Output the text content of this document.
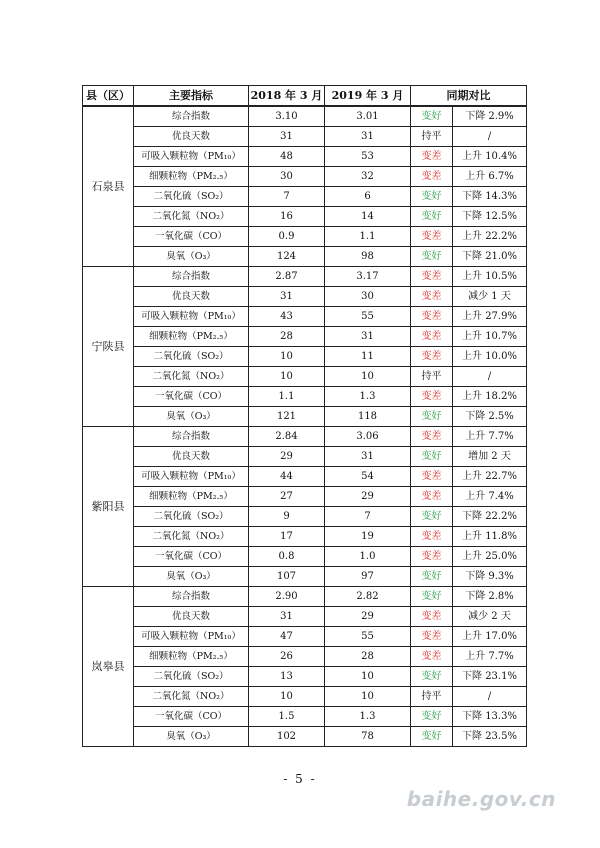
县（区）	主要指标	2018 年 3 月	2019 年 3 月	同期对比	
石泉县	综合指数	3.10	3.01	变好	下降 2.9%
	优良天数	31	31	持平	/
	可吸入颗粒物（PM₁₀）	48	53	变差	上升 10.4%
	细颗粒物（PM₂.₅）	30	32	变差	上升 6.7%
	二氧化硫（SO₂）	7	6	变好	下降 14.3%
	二氧化氮（NO₂）	16	14	变好	下降 12.5%
	一氧化碳（CO）	0.9	1.1	变差	上升 22.2%
	臭氧（O₃）	124	98	变好	下降 21.0%
宁陕县	综合指数	2.87	3.17	变差	上升 10.5%
	优良天数	31	30	变差	减少 1 天
	可吸入颗粒物（PM₁₀）	43	55	变差	上升 27.9%
	细颗粒物（PM₂.₅）	28	31	变差	上升 10.7%
	二氧化硫（SO₂）	10	11	变差	上升 10.0%
	二氧化氮（NO₂）	10	10	持平	/
	一氧化碳（CO）	1.1	1.3	变差	上升 18.2%
	臭氧（O₃）	121	118	变好	下降 2.5%
紫阳县	综合指数	2.84	3.06	变差	上升 7.7%
	优良天数	29	31	变好	增加 2 天
	可吸入颗粒物（PM₁₀）	44	54	变差	上升 22.7%
	细颗粒物（PM₂.₅）	27	29	变差	上升 7.4%
	二氧化硫（SO₂）	9	7	变好	下降 22.2%
	二氧化氮（NO₂）	17	19	变差	上升 11.8%
	一氧化碳（CO）	0.8	1.0	变差	上升 25.0%
	臭氧（O₃）	107	97	变好	下降 9.3%
岚皋县	综合指数	2.90	2.82	变好	下降 2.8%
	优良天数	31	29	变差	减少 2 天
	可吸入颗粒物（PM₁₀）	47	55	变差	上升 17.0%
	细颗粒物（PM₂.₅）	26	28	变差	上升 7.7%
	二氧化硫（SO₂）	13	10	变好	下降 23.1%
	二氧化氮（NO₂）	10	10	持平	/
	一氧化碳（CO）	1.5	1.3	变好	下降 13.3%
	臭氧（O₃）	102	78	变好	下降 23.5%
- 5 -
baihe.gov.cn
